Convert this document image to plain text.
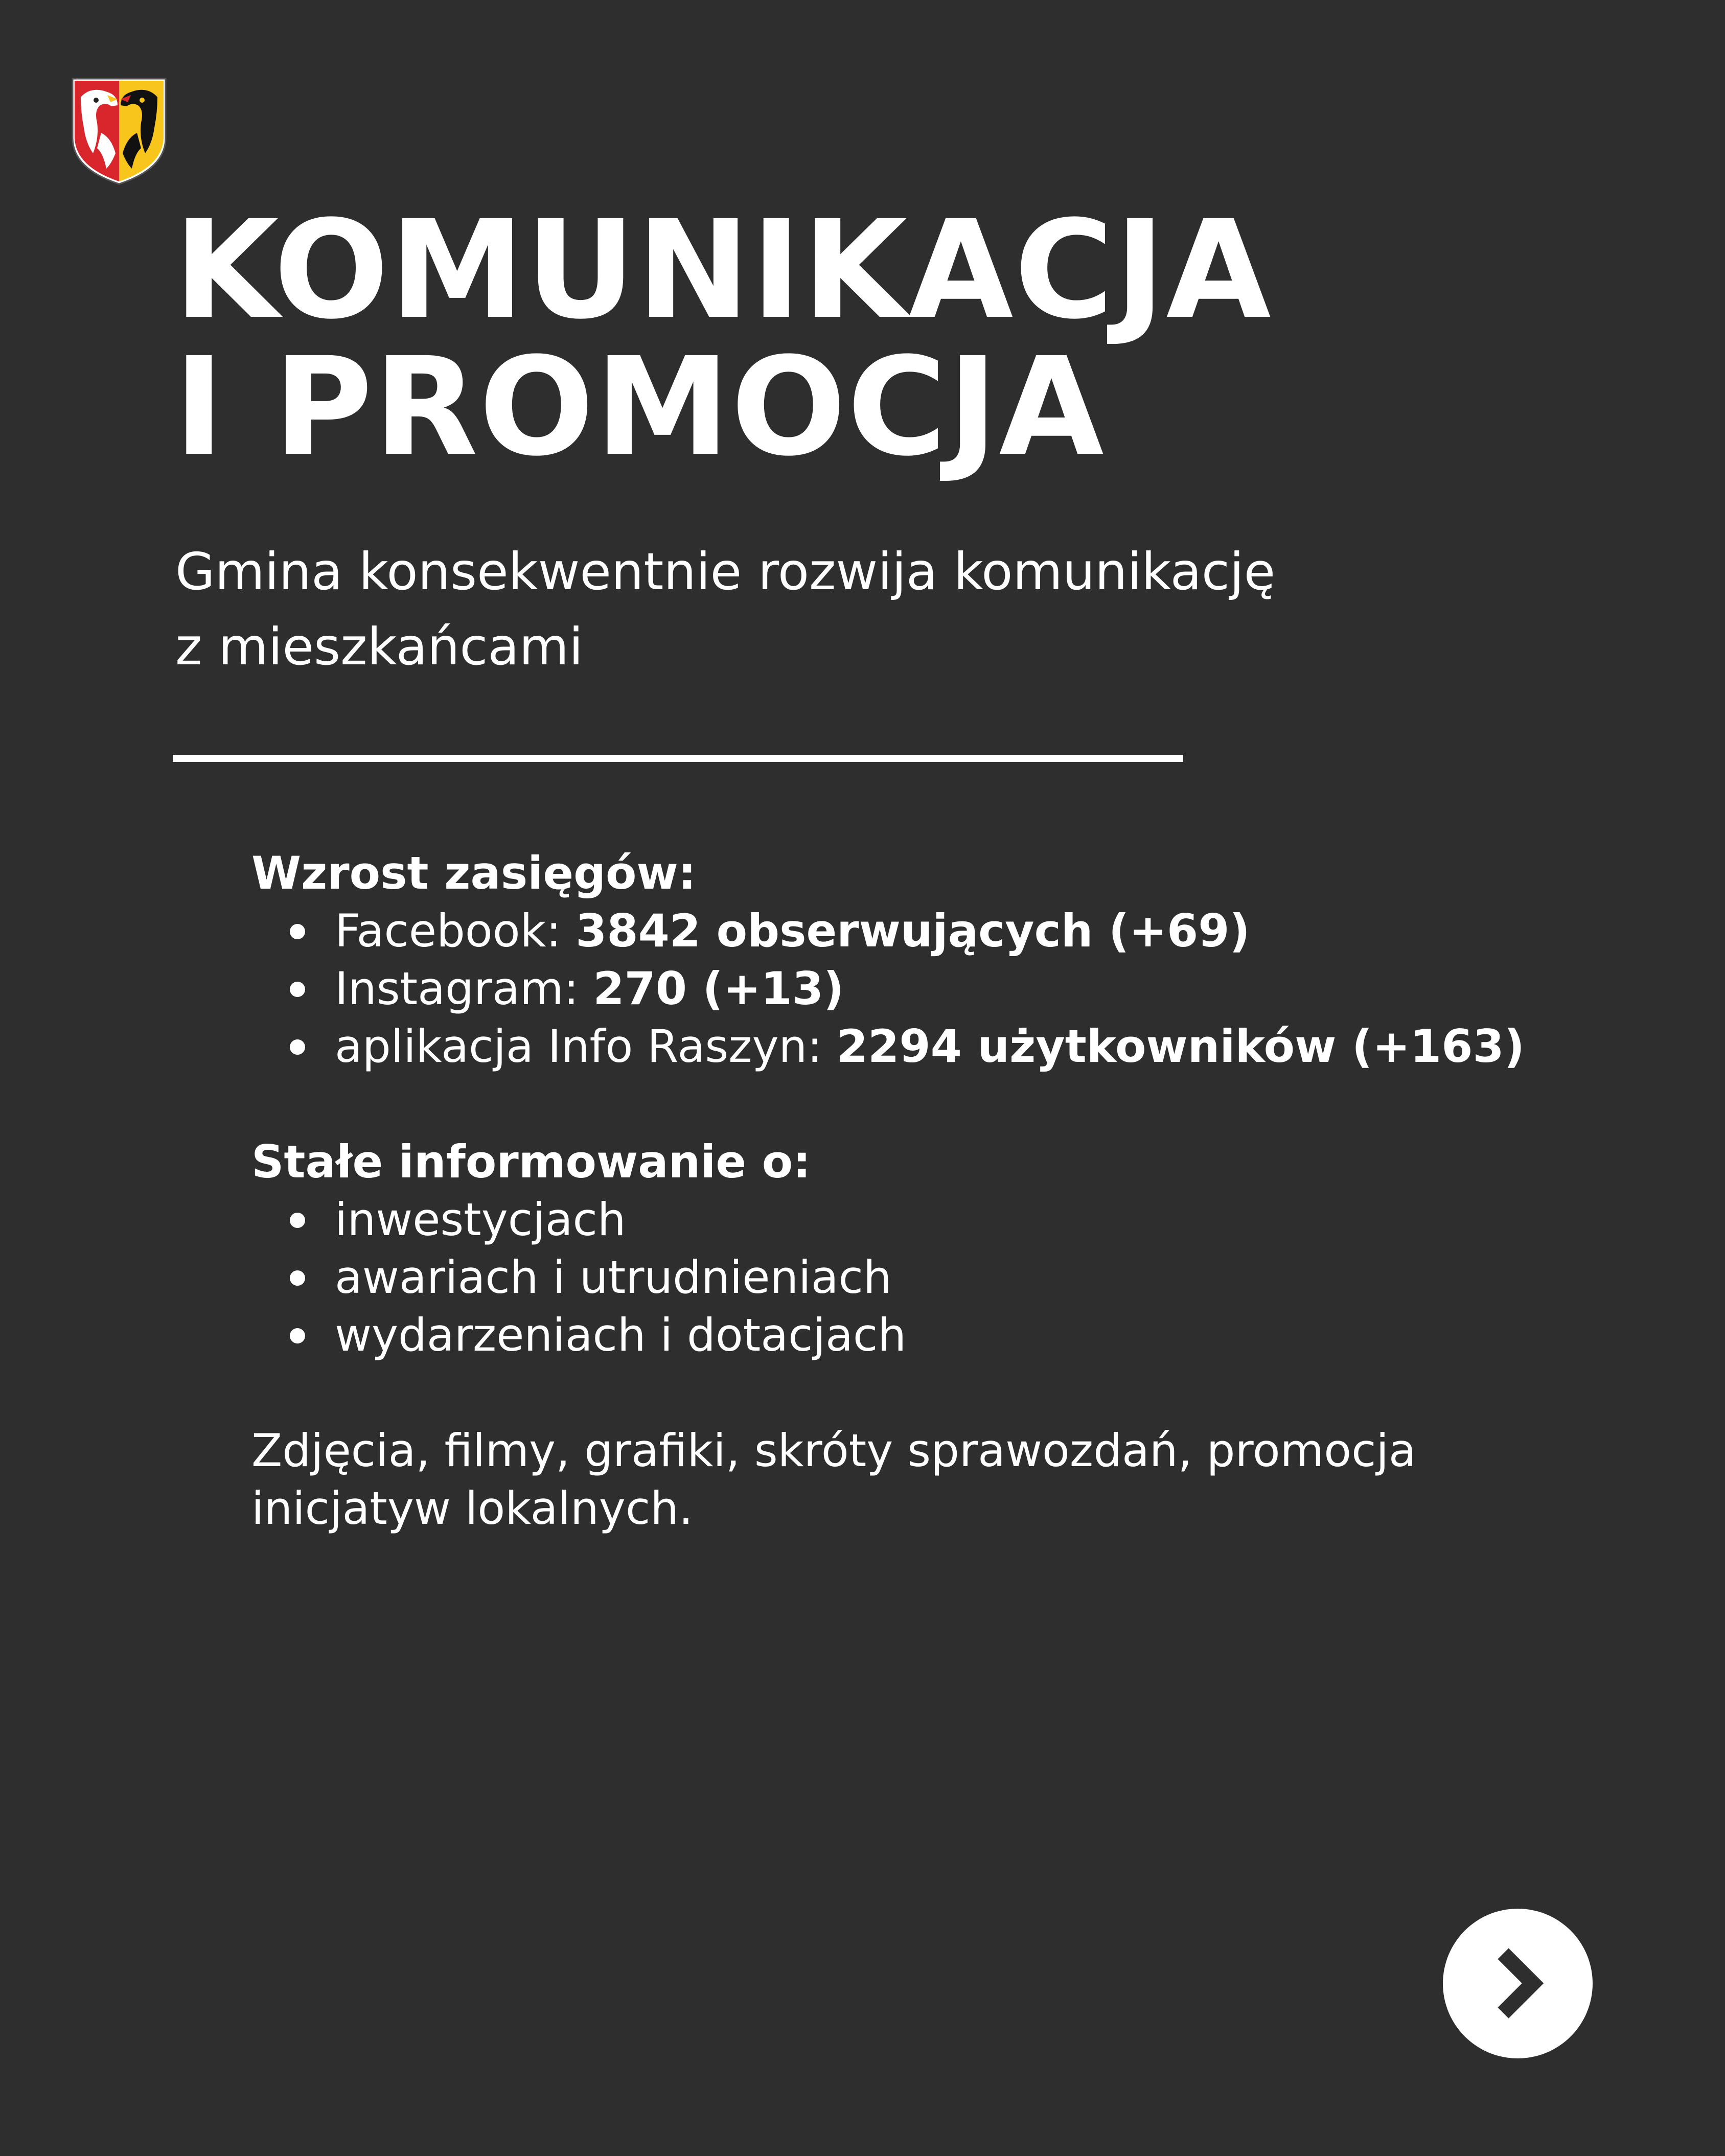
KOMUNIKACJA
I PROMOCJA

Gmina konsekwentnie rozwija komunikację
z mieszkańcami

Wzrost zasięgów:

Facebook: 3842 obserwujących (+69)
Instagram: 270 (+13)
aplikacja Info Raszyn: 2294 użytkowników (+163)

Stałe informowanie o:

inwestycjach
awariach i utrudnieniach
wydarzeniach i dotacjach

Zdjęcia, filmy, grafiki, skróty sprawozdań, promocja
inicjatyw lokalnych.
